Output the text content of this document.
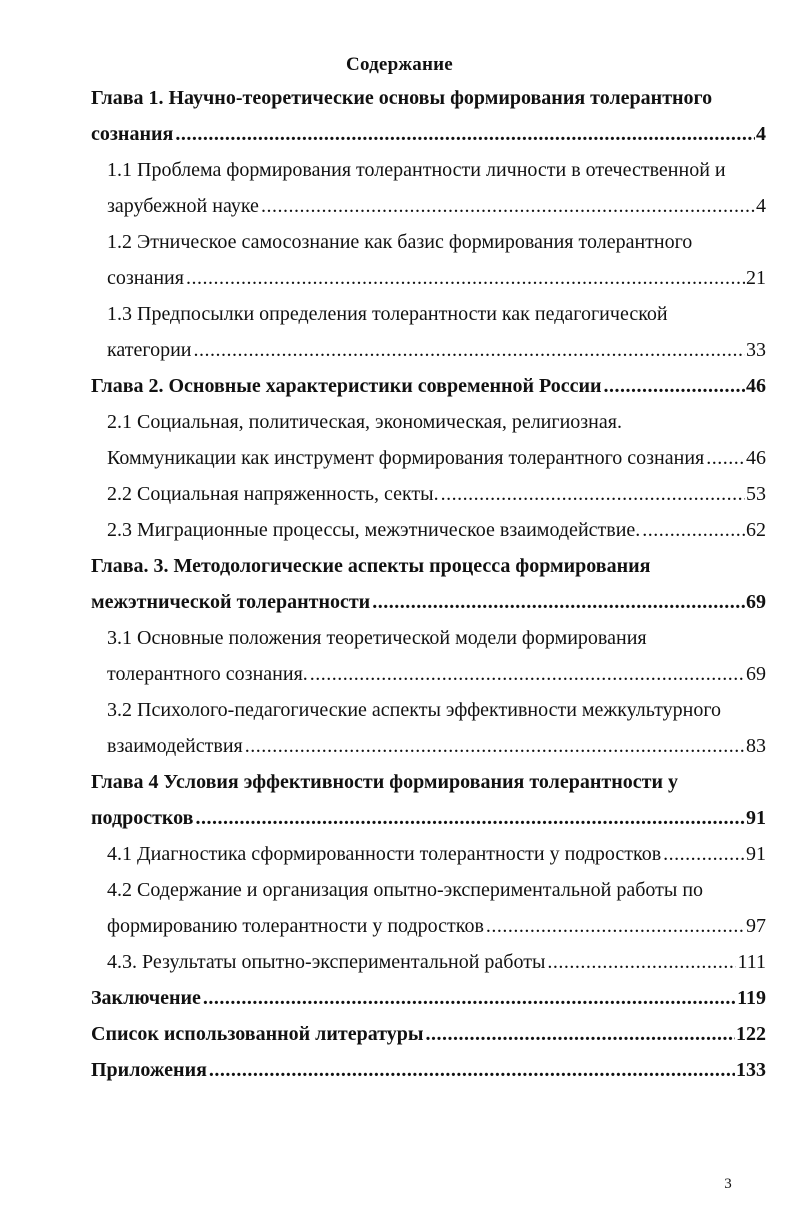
Содержание
Глава 1. Научно-теоретические основы формирования толерантного
сознания .....	4
1.1 Проблема формирования толерантности личности в отечественной и
зарубежной науке .....	4
1.2 Этническое самосознание как базис формирования толерантного
сознания .....	21
1.3 Предпосылки определения толерантности как педагогической
категории .....	33
Глава 2. Основные характеристики современной России .....	46
2.1 Социальная, политическая, экономическая, религиозная.
Коммуникации как инструмент формирования толерантного сознания ..... 46
2.2 Социальная напряженность, секты. .....	53
2.3 Миграционные процессы, межэтническое взаимодействие. .....	62
Глава. 3. Методологические аспекты процесса формирования
межэтнической толерантности .....	69
3.1 Основные положения теоретической модели формирования
толерантного сознания. .....	69
3.2 Психолого-педагогические аспекты эффективности межкультурного
взаимодействия .....	83
Глава 4 Условия эффективности формирования толерантности у
подростков .....	91
4.1 Диагностика сформированности толерантности у подростков .....	91
4.2 Содержание и организация опытно-экспериментальной работы по
формированию толерантности у подростков .....	97
4.3. Результаты опытно-экспериментальной работы .....	111
Заключение .....	119
Список использованной литературы .....	122
Приложения .....	133
3
